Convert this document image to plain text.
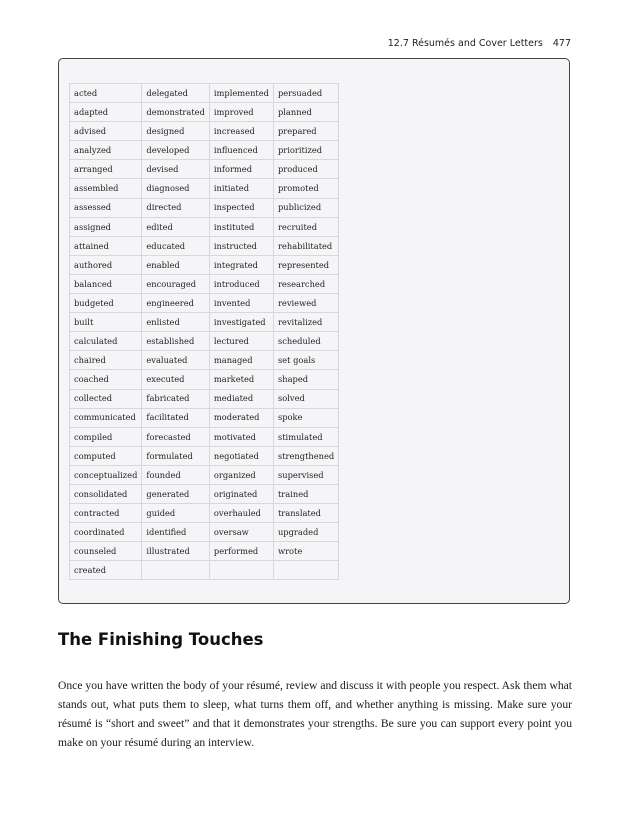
12.7 Résumés and Cover Letters 477
acted	delegated	implemented	persuaded
adapted	demonstrated	improved	planned
advised	designed	increased	prepared
analyzed	developed	influenced	prioritized
arranged	devised	informed	produced
assembled	diagnosed	initiated	promoted
assessed	directed	inspected	publicized
assigned	edited	instituted	recruited
attained	educated	instructed	rehabilitated
authored	enabled	integrated	represented
balanced	encouraged	introduced	researched
budgeted	engineered	invented	reviewed
built	enlisted	investigated	revitalized
calculated	established	lectured	scheduled
chaired	evaluated	managed	set goals
coached	executed	marketed	shaped
collected	fabricated	mediated	solved
communicated	facilitated	moderated	spoke
compiled	forecasted	motivated	stimulated
computed	formulated	negotiated	strengthened
conceptualized	founded	organized	supervised
consolidated	generated	originated	trained
contracted	guided	overhauled	translated
coordinated	identified	oversaw	upgraded
counseled	illustrated	performed	wrote
created			
The Finishing Touches

Once you have written the body of your résumé, review and discuss it with people you respect. Ask them what stands out, what puts them to sleep, what turns them off, and whether anything is missing. Make sure your résumé is “short and sweet” and that it demonstrates your strengths. Be sure you can support every point you make on your résumé during an interview.
